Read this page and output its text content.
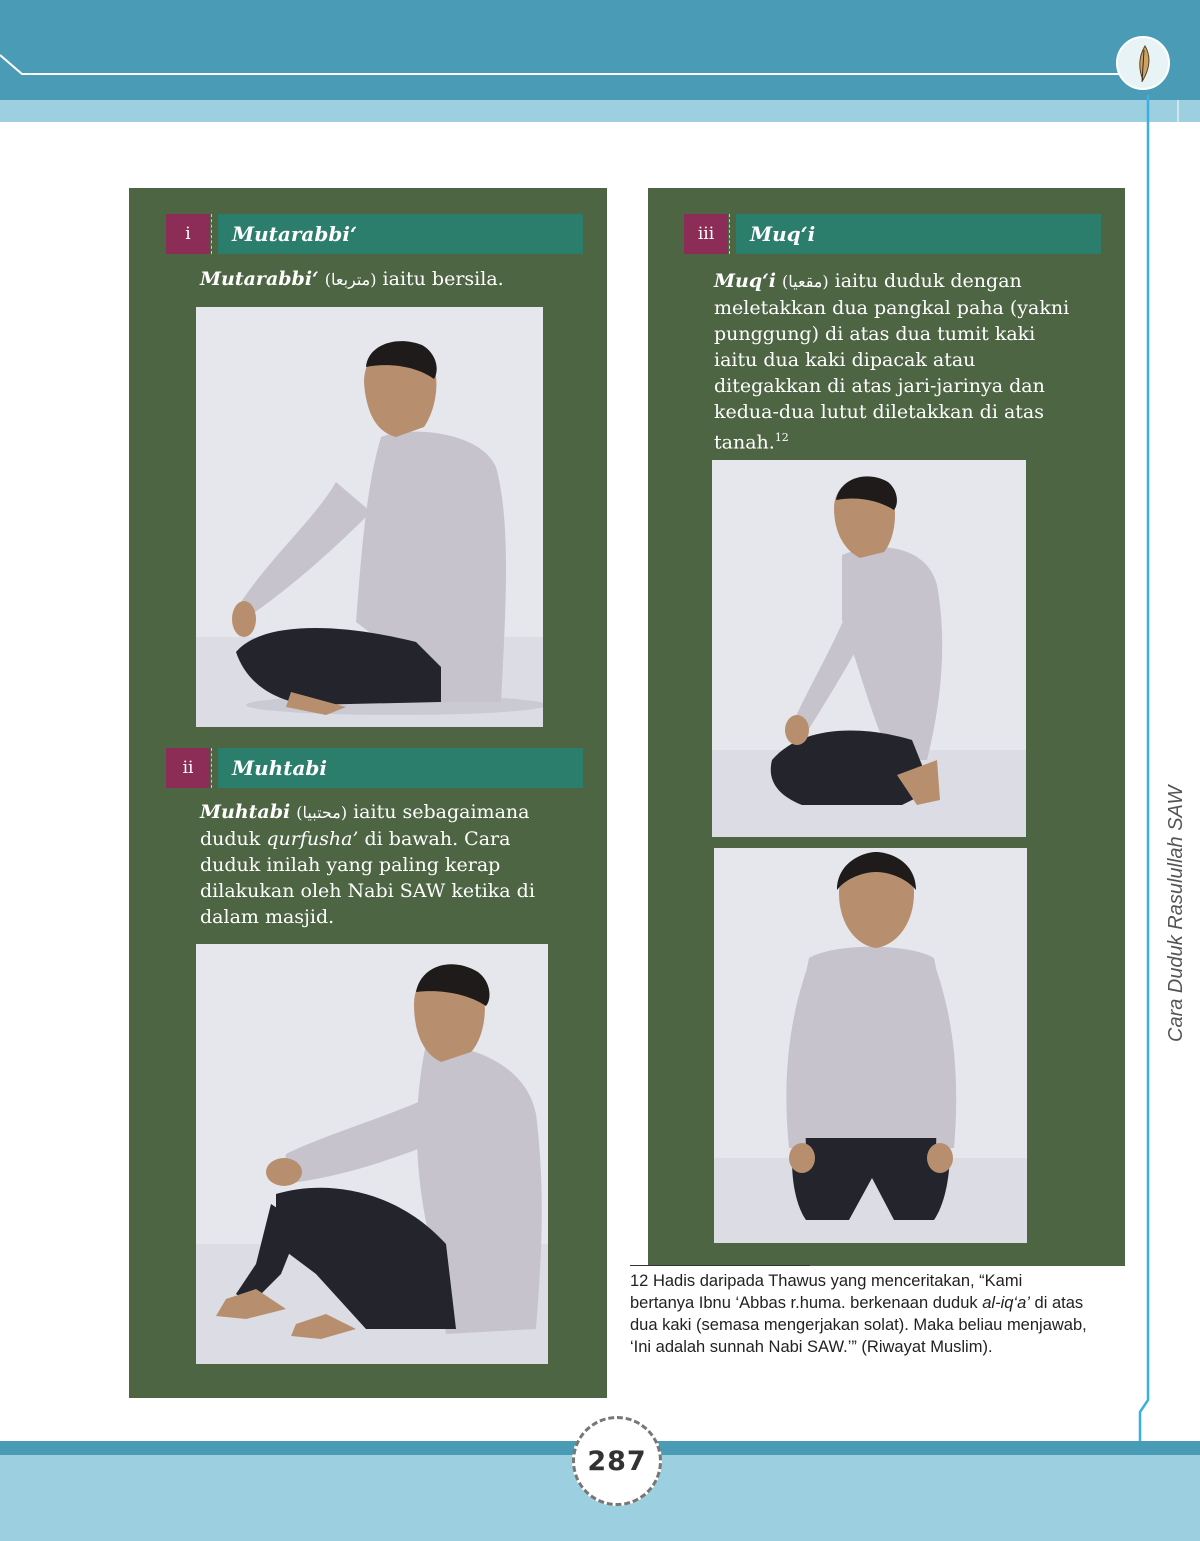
i	Mutarabbi‘
Mutarabbi‘ (متربعا) iaitu bersila.
ii	Muhtabi
Muhtabi (محتبيا) iaitu sebagaimana duduk qurfusha’ di bawah. Cara duduk inilah yang paling kerap dilakukan oleh Nabi SAW ketika di dalam masjid.
iii	Muq‘i
Muq‘i (مقعيا) iaitu duduk dengan meletakkan dua pangkal paha (yakni punggung) di atas dua tumit kaki iaitu dua kaki dipacak atau ditegakkan di atas jari-jarinya dan kedua-dua lutut diletakkan di atas tanah.$^{12}$
12 Hadis daripada Thawus yang menceritakan, “Kami bertanya Ibnu ‘Abbas r.huma. berkenaan duduk al-iq‘a’ di atas dua kaki (semasa mengerjakan solat). Maka beliau menjawab, ‘Ini adalah sunnah Nabi SAW.’” (Riwayat Muslim).
Cara Duduk Rasulullah SAW
287
